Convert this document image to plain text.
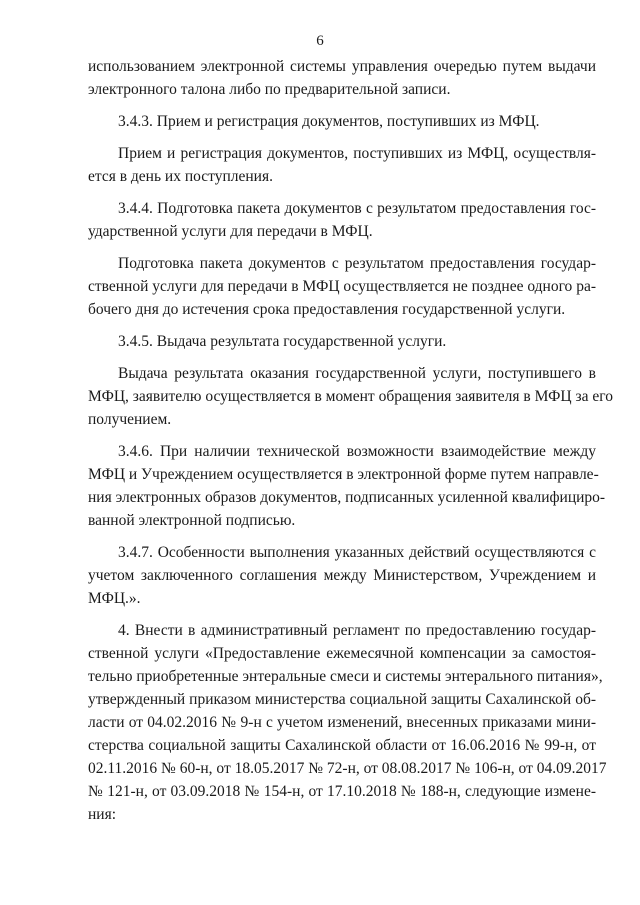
6
использованием электронной системы управления очередью путем выдачи
электронного талона либо по предварительной записи.
3.4.3. Прием и регистрация документов, поступивших из МФЦ.
Прием и регистрация документов, поступивших из МФЦ, осуществля-
ется в день их поступления.
3.4.4. Подготовка пакета документов с результатом предоставления гос-
ударственной услуги для передачи в МФЦ.
Подготовка пакета документов с результатом предоставления государ-
ственной услуги для передачи в МФЦ осуществляется не позднее одного ра-
бочего дня до истечения срока предоставления государственной услуги.
3.4.5. Выдача результата государственной услуги.
Выдача результата оказания государственной услуги, поступившего в
МФЦ, заявителю осуществляется в момент обращения заявителя в МФЦ за его
получением.
3.4.6. При наличии технической возможности взаимодействие между
МФЦ и Учреждением осуществляется в электронной форме путем направле-
ния электронных образов документов, подписанных усиленной квалифициро-
ванной электронной подписью.
3.4.7. Особенности выполнения указанных действий осуществляются с
учетом заключенного соглашения между Министерством, Учреждением и
МФЦ.».
4. Внести в административный регламент по предоставлению государ-
ственной услуги «Предоставление ежемесячной компенсации за самостоя-
тельно приобретенные энтеральные смеси и системы энтерального питания»,
утвержденный приказом министерства социальной защиты Сахалинской об-
ласти от 04.02.2016 № 9-н с учетом изменений, внесенных приказами мини-
стерства социальной защиты Сахалинской области от 16.06.2016 № 99-н, от
02.11.2016 № 60-н, от 18.05.2017 № 72-н, от 08.08.2017 № 106-н, от 04.09.2017
№ 121-н, от 03.09.2018 № 154-н, от 17.10.2018 № 188-н, следующие измене-
ния:
